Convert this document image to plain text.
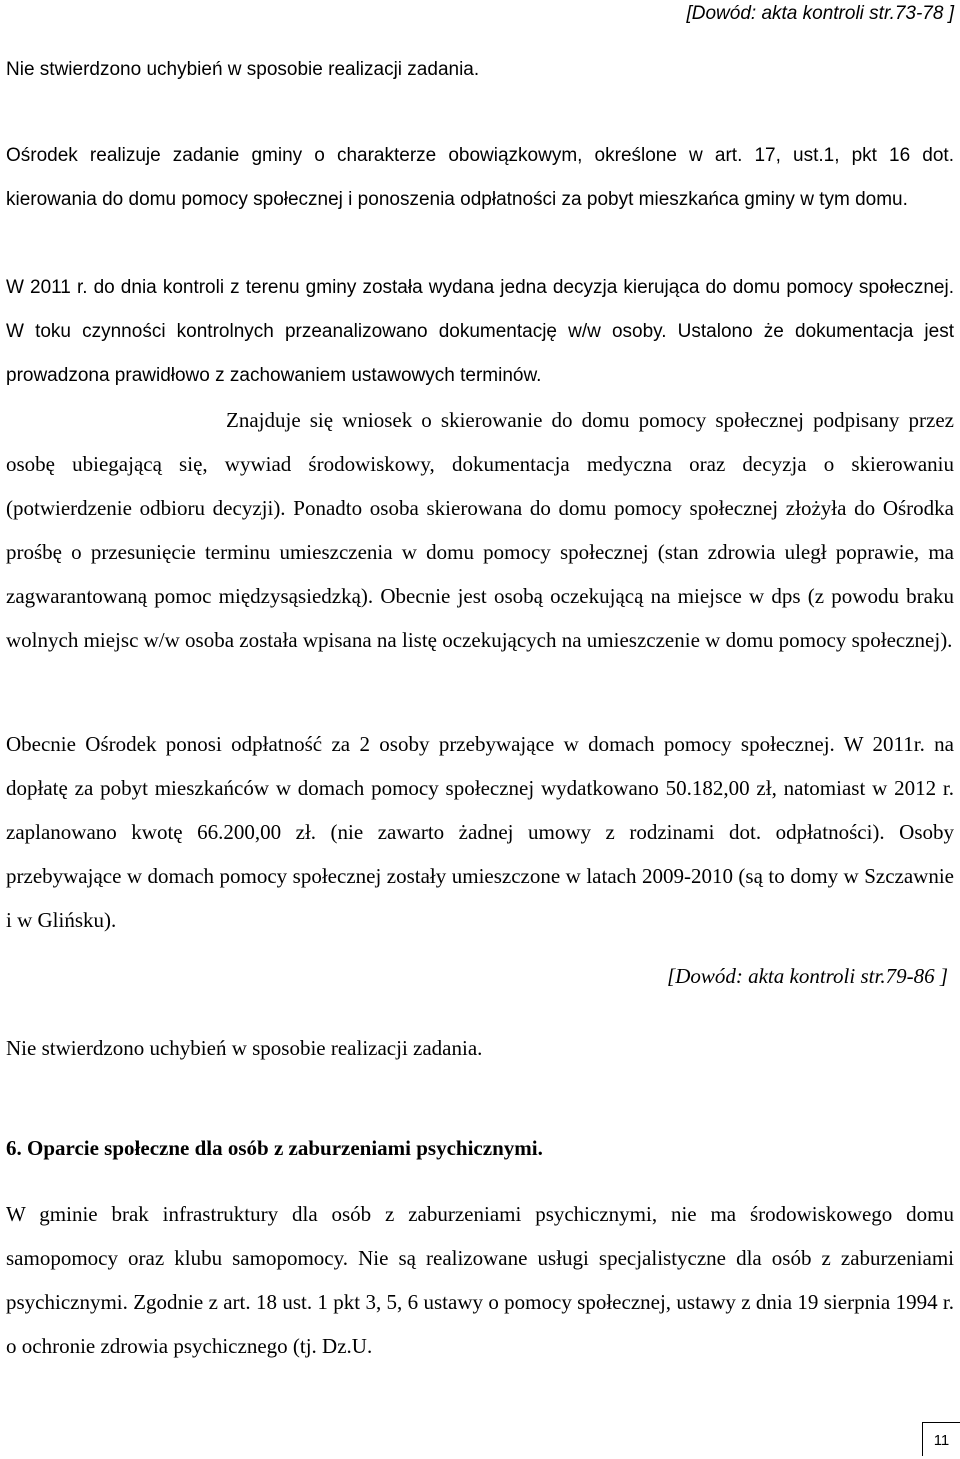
[Dowód: akta kontroli str.73-78 ]

Nie stwierdzono uchybień w sposobie realizacji zadania.

Ośrodek realizuje zadanie gminy o charakterze obowiązkowym, określone w art. 17, ust.1, pkt 16 dot. kierowania do domu pomocy społecznej i ponoszenia odpłatności za pobyt mieszkańca gminy w tym domu.

W 2011 r. do dnia kontroli z terenu gminy została wydana jedna decyzja kierująca do domu pomocy społecznej. W toku czynności kontrolnych przeanalizowano dokumentację w/w osoby. Ustalono że dokumentacja jest prowadzona prawidłowo z zachowaniem ustawowych terminów.

Znajduje się wniosek o skierowanie do domu pomocy społecznej podpisany przez osobę ubiegającą się, wywiad środowiskowy, dokumentacja medyczna oraz decyzja o skierowaniu (potwierdzenie odbioru decyzji). Ponadto osoba skierowana do domu pomocy społecznej złożyła do Ośrodka prośbę o przesunięcie terminu umieszczenia w domu pomocy społecznej (stan zdrowia uległ poprawie, ma zagwarantowaną pomoc międzysąsiedzką). Obecnie jest osobą oczekującą na miejsce w dps (z powodu braku wolnych miejsc w/w osoba została wpisana na listę oczekujących na umieszczenie w domu pomocy społecznej).

Obecnie Ośrodek ponosi odpłatność za 2 osoby przebywające w domach pomocy społecznej. W 2011r. na dopłatę za pobyt mieszkańców w domach pomocy społecznej wydatkowano 50.182,00 zł, natomiast w 2012 r. zaplanowano kwotę 66.200,00 zł. (nie zawarto żadnej umowy z rodzinami dot. odpłatności). Osoby przebywające w domach pomocy społecznej zostały umieszczone w latach 2009-2010 (są to domy w Szczawnie i w Glińsku).

[Dowód: akta kontroli str.79-86 ]

Nie stwierdzono uchybień w sposobie realizacji zadania.

6. Oparcie społeczne dla osób z zaburzeniami psychicznymi.

W gminie brak infrastruktury dla osób z zaburzeniami psychicznymi, nie ma środowiskowego domu samopomocy oraz klubu samopomocy. Nie są realizowane usługi specjalistyczne dla osób z zaburzeniami psychicznymi. Zgodnie z art. 18 ust. 1 pkt 3, 5, 6 ustawy o pomocy społecznej, ustawy z dnia 19 sierpnia 1994 r. o ochronie zdrowia psychicznego (tj. Dz.U.

11
